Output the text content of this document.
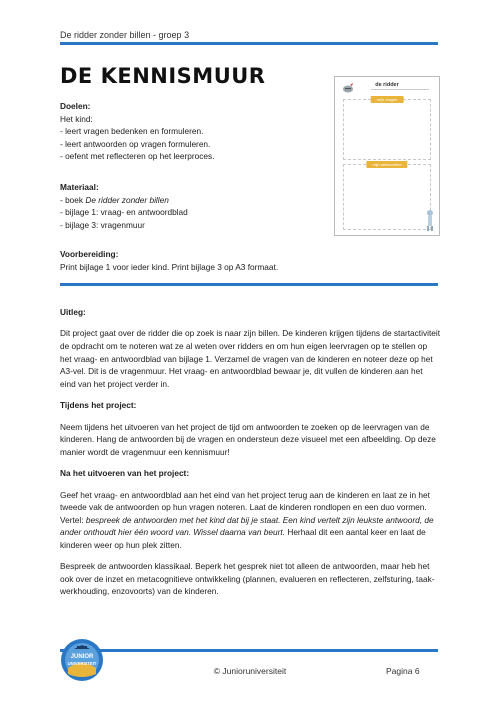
De ridder zonder billen - groep 3
DE KENNISMUUR
Doelen:
Het kind:
- leert vragen bedenken en formuleren.
- leert antwoorden op vragen formuleren.
- oefent met reflecteren op het leerproces.
Materiaal:
- boek De ridder zonder billen
- bijlage 1: vraag- en antwoordblad
- bijlage 3: vragenmuur
Voorbereiding:
Print bijlage 1 voor ieder kind. Print bijlage 3 op A3 formaat.
de ridder
mijn vragen
mijn antwoorden
Uitleg:
Dit project gaat over de ridder die op zoek is naar zijn billen. De kinderen krijgen tijdens de startactiviteit de opdracht om te noteren wat ze al weten over ridders en om hun eigen leervragen op te stellen op het vraag- en antwoordblad van bijlage 1. Verzamel de vragen van de kinderen en noteer deze op het A3-vel. Dit is de vragenmuur. Het vraag- en antwoordblad bewaar je, dit vullen de kinderen aan het eind van het project verder in.
Tijdens het project:
Neem tijdens het uitvoeren van het project de tijd om antwoorden te zoeken op de leervragen van de kinderen. Hang de antwoorden bij de vragen en ondersteun deze visueel met een afbeelding. Op deze manier wordt de vragenmuur een kennismuur!
Na het uitvoeren van het project:
Geef het vraag- en antwoordblad aan het eind van het project terug aan de kinderen en laat ze in het tweede vak de antwoorden op hun vragen noteren. Laat de kinderen rondlopen en een duo vormen. Vertel: bespreek de antwoorden met het kind dat bij je staat. Een kind vertelt zijn leukste antwoord, de ander onthoudt hier één woord van. Wissel daarna van beurt. Herhaal dit een aantal keer en laat de kinderen weer op hun plek zitten.
Bespreek de antwoorden klassikaal. Beperk het gesprek niet tot alleen de antwoorden, maar heb het ook over de inzet en metacognitieve ontwikkeling (plannen, evalueren en reflecteren, zelfsturing, taak-werkhouding, enzovoorts) van de kinderen.
JUNIOR
UNIVERSITEIT
© Junioruniversiteit	Pagina 6
